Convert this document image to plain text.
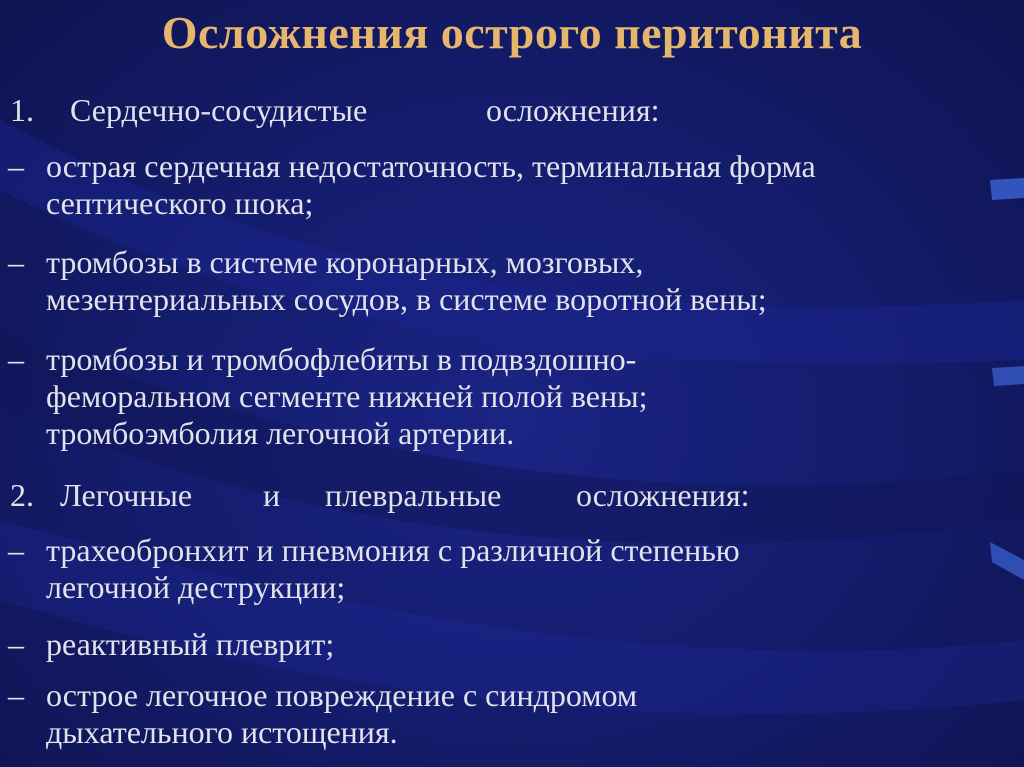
Осложнения острого перитонита
1. Сердечно-сосудистые	осложнения:
– острая сердечная недостаточность, терминальная форма
септического шока;
– тромбозы в системе коронарных, мозговых,
мезентериальных сосудов, в системе воротной вены;
– тромбозы и тромбофлебиты в подвздошно-
феморальном сегменте нижней полой вены;
тромбоэмболия легочной артерии.
2. Легочные и плевральные осложнения:
– трахеобронхит и пневмония с различной степенью
легочной деструкции;
– реактивный плеврит;
– острое легочное повреждение с синдромом
дыхательного истощения.
